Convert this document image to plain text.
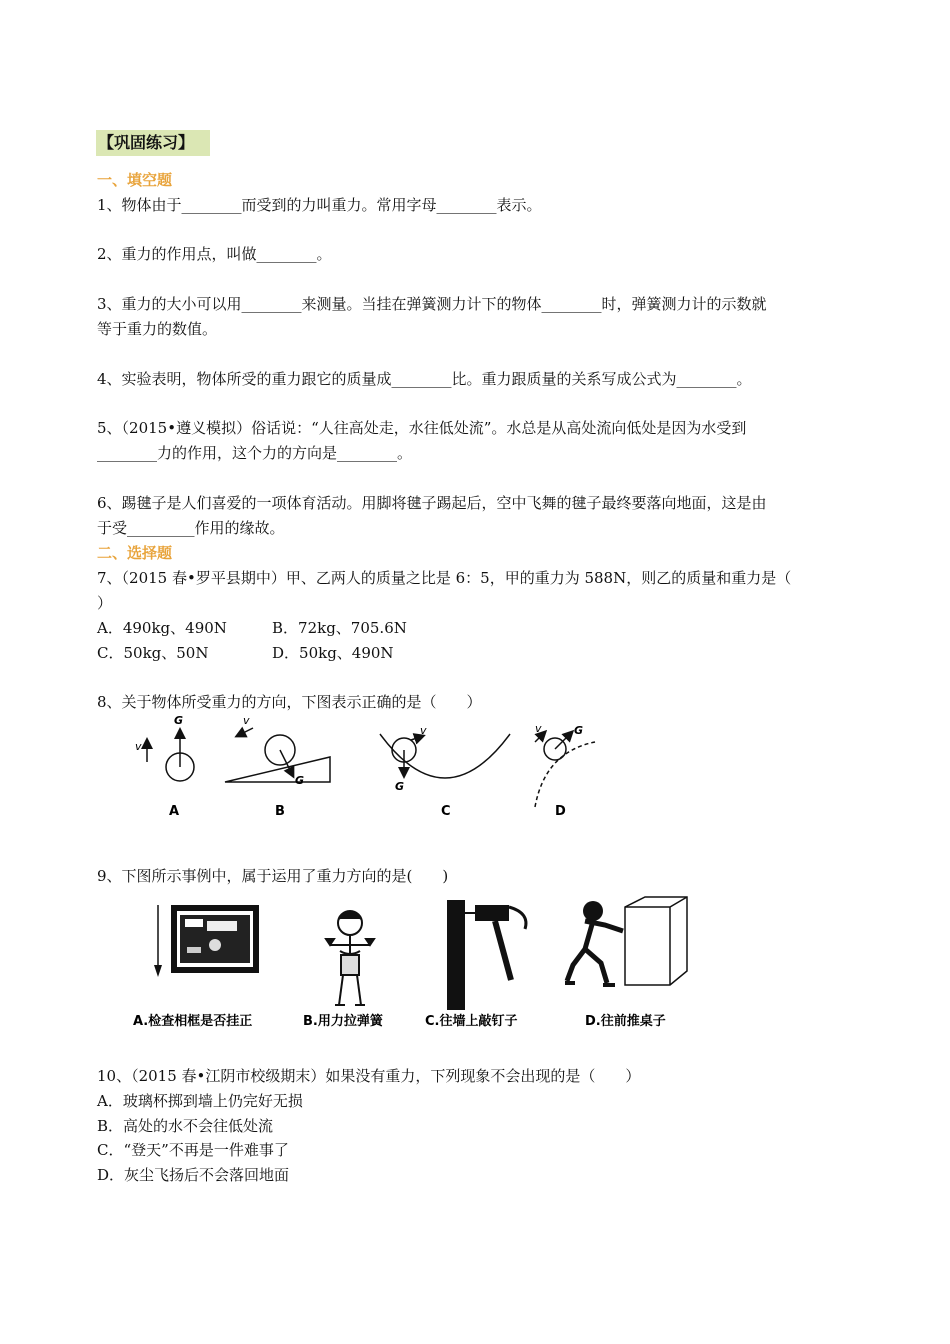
【巩固练习】
一、填空题
1、物体由于________而受到的力叫重力。常用字母________表示。
2、重力的作用点，叫做________。
3、重力的大小可以用________来测量。当挂在弹簧测力计下的物体________时，弹簧测力计的示数就
等于重力的数值。
4、实验表明，物体所受的重力跟它的质量成________比。重力跟质量的关系写成公式为________。
5、（2015•遵义模拟）俗话说：“人往高处走，水往低处流”。水总是从高处流向低处是因为水受到
________力的作用，这个力的方向是________。
6、踢毽子是人们喜爱的一项体育活动。用脚将毽子踢起后，空中飞舞的毽子最终要落向地面，这是由
于受_________作用的缘故。
二、选择题
7、（2015 春•罗平县期中）甲、乙两人的质量之比是 6：5，甲的重力为 588N，则乙的质量和重力是（
）
A．490kg、490N	B．72kg、705.6N
C．50kg、50N	D．50kg、490N
8、关于物体所受重力的方向，下图表示正确的是（　　）
v
G
A
G
v
B
G
v
C
G
v
D
9、下图所示事例中，属于运用了重力方向的是(　　)
A.检查相框是否挂正	B.用力拉弹簧	C.往墙上敲钉子	D.往前推桌子
10、（2015 春•江阴市校级期末）如果没有重力，下列现象不会出现的是（　　）
A．玻璃杯掷到墙上仍完好无损
B．高处的水不会往低处流
C．“登天”不再是一件难事了
D．灰尘飞扬后不会落回地面
